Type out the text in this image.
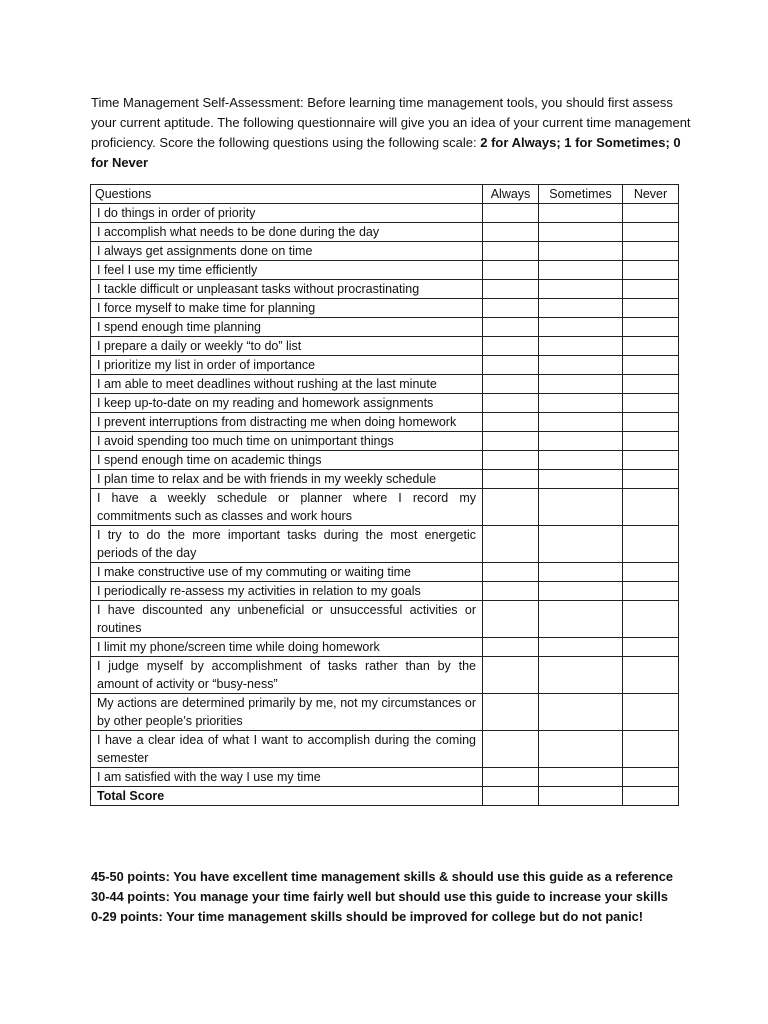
Time Management Self-Assessment: Before learning time management tools, you should first assess your current aptitude. The following questionnaire will give you an idea of your current time management proficiency. Score the following questions using the following scale: 2 for Always; 1 for Sometimes; 0 for Never

Questions	Always	Sometimes	Never
I do things in order of priority			
I accomplish what needs to be done during the day			
I always get assignments done on time			
I feel I use my time efficiently			
I tackle difficult or unpleasant tasks without procrastinating			
I force myself to make time for planning			
I spend enough time planning			
I prepare a daily or weekly “to do” list			
I prioritize my list in order of importance			
I am able to meet deadlines without rushing at the last minute			
I keep up-to-date on my reading and homework assignments			
I prevent interruptions from distracting me when doing homework			
I avoid spending too much time on unimportant things			
I spend enough time on academic things			
I plan time to relax and be with friends in my weekly schedule			
I have a weekly schedule or planner where I record my commitments such as classes and work hours			
I try to do the more important tasks during the most energetic periods of the day			
I make constructive use of my commuting or waiting time			
I periodically re-assess my activities in relation to my goals			
I have discounted any unbeneficial or unsuccessful activities or routines			
I limit my phone/screen time while doing homework			
I judge myself by accomplishment of tasks rather than by the amount of activity or “busy-ness”			
My actions are determined primarily by me, not my circumstances or by other people’s priorities			
I have a clear idea of what I want to accomplish during the coming semester			
I am satisfied with the way I use my time			
Total Score			
45-50 points: You have excellent time management skills & should use this guide as a reference
30-44 points: You manage your time fairly well but should use this guide to increase your skills
0-29 points: Your time management skills should be improved for college but do not panic!
